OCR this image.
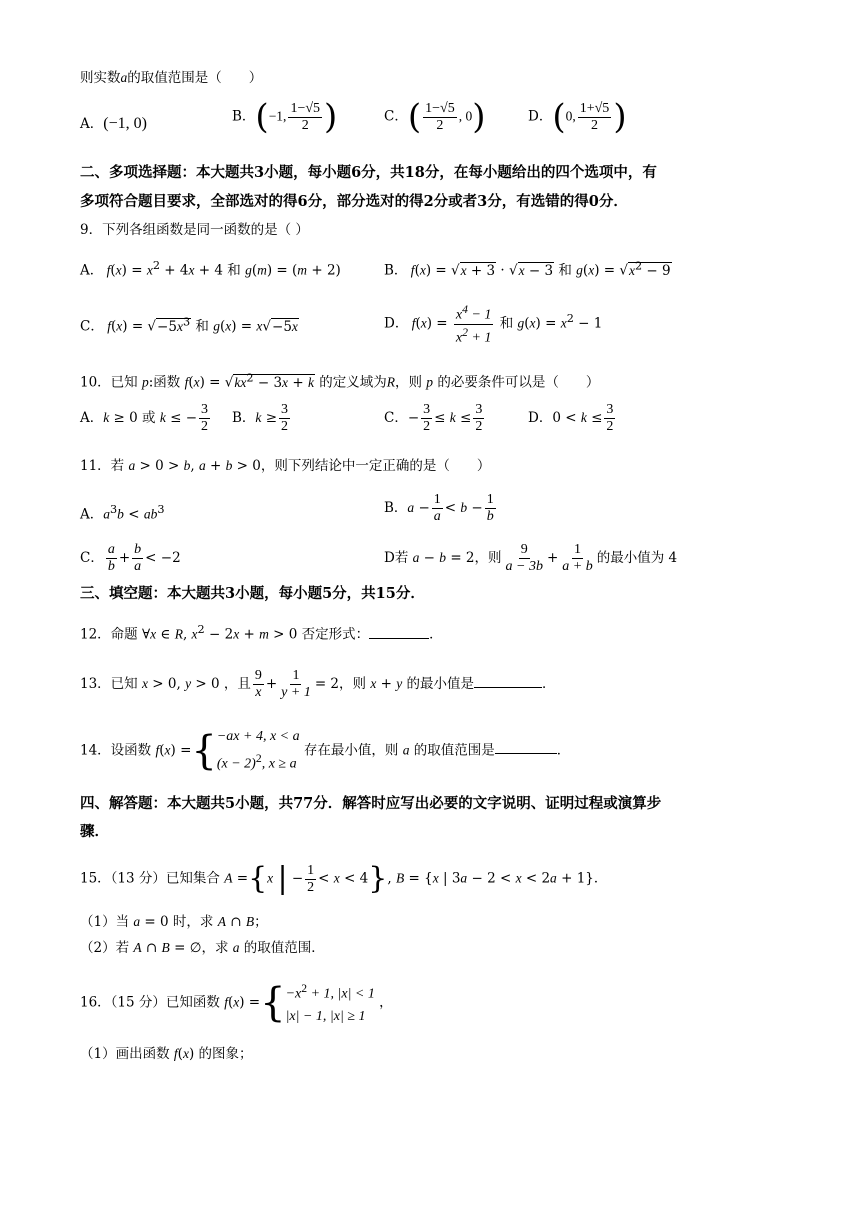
则实数a的取值范围是（　　）
A．(−1, 0)	B．(−1, $\frac{1-√5}{2}$ )	C．( $\frac{1-√5}{2}$ , 0)	D．(0, $\frac{1+√5}{2}$ )
二、多项选择题：本大题共3小题，每小题6分，共18分，在每小题给出的四个选项中，有
多项符合题目要求，全部选对的得6分，部分选对的得2分或者3分，有选错的得0分．
9．下列各组函数是同一函数的是（ ）
A． $f(x) = x^2 + 4x + 4$ 和 g(m) = (m + 2)	B． f(x) = √x + 3 · √x − 3 和 $g(x) = √x^2 - 9$
C． $f(x) = √-5x^3$ 和 g(x) = x√−5x	D． $f(x) = \frac{x^4 - 1}{x^2 + 1}$ 和 $g(x) = x^2 - 1$
10．已知 p:函数 $f(x) = √kx^2 - 3x + k$ 的定义域为R，则 p 的必要条件可以是（　　）
A．k ≥ 0 或 k ≤ − $\frac{3}{2}$ B．$k \ge \frac{3}{2}$	C．− $\frac{3}{2} \le k \le \frac{3}{2}$	D．$0 < k \le \frac{3}{2}$
11．若 a > 0 > b, a + b > 0，则下列结论中一定正确的是（　　）
A．$a^3b < ab^3$	B．$a - \frac{1}{a} < b - \frac{1}{b}$
C． $\frac{a}{b} + \frac{b}{a} < -2$	D若 a − b = 2，则 $\frac{9}{a - 3b} + \frac{1}{a + b}$ 的最小值为 4
三、填空题：本大题共3小题，每小题5分，共15分．
12．命题 ∀x ∈ R, $x^2 - 2x + m > 0$ 否定形式：	．
13．已知 x > 0, y > 0 ，且 $\frac{9}{x} + \frac{1}{y + 1} = 2$，则 x + y 的最小值是	．
14．设函数 f(x) ={ −ax + 4, x < a
$(x - 2)^2$, x ≥ a
存在最小值，则 a 的取值范围是	．
四、解答题：本大题共5小题，共77分．解答时应写出必要的文字说明、证明过程或演算步
骤．
15．（13 分）已知集合 A ={x | − $\frac{1}{2} < x < 4$}, B = {x | 3a − 2 < x < 2a + 1}．
（1）当 a = 0 时，求 A ∩ B；
（2）若 A ∩ B = ∅，求 a 的取值范围．
16．（15 分）已知函数 f(x) ={ $-x^2 + 1$, |x| < 1
|x| − 1, |x| ≥ 1
，
（1）画出函数 f(x) 的图象；
